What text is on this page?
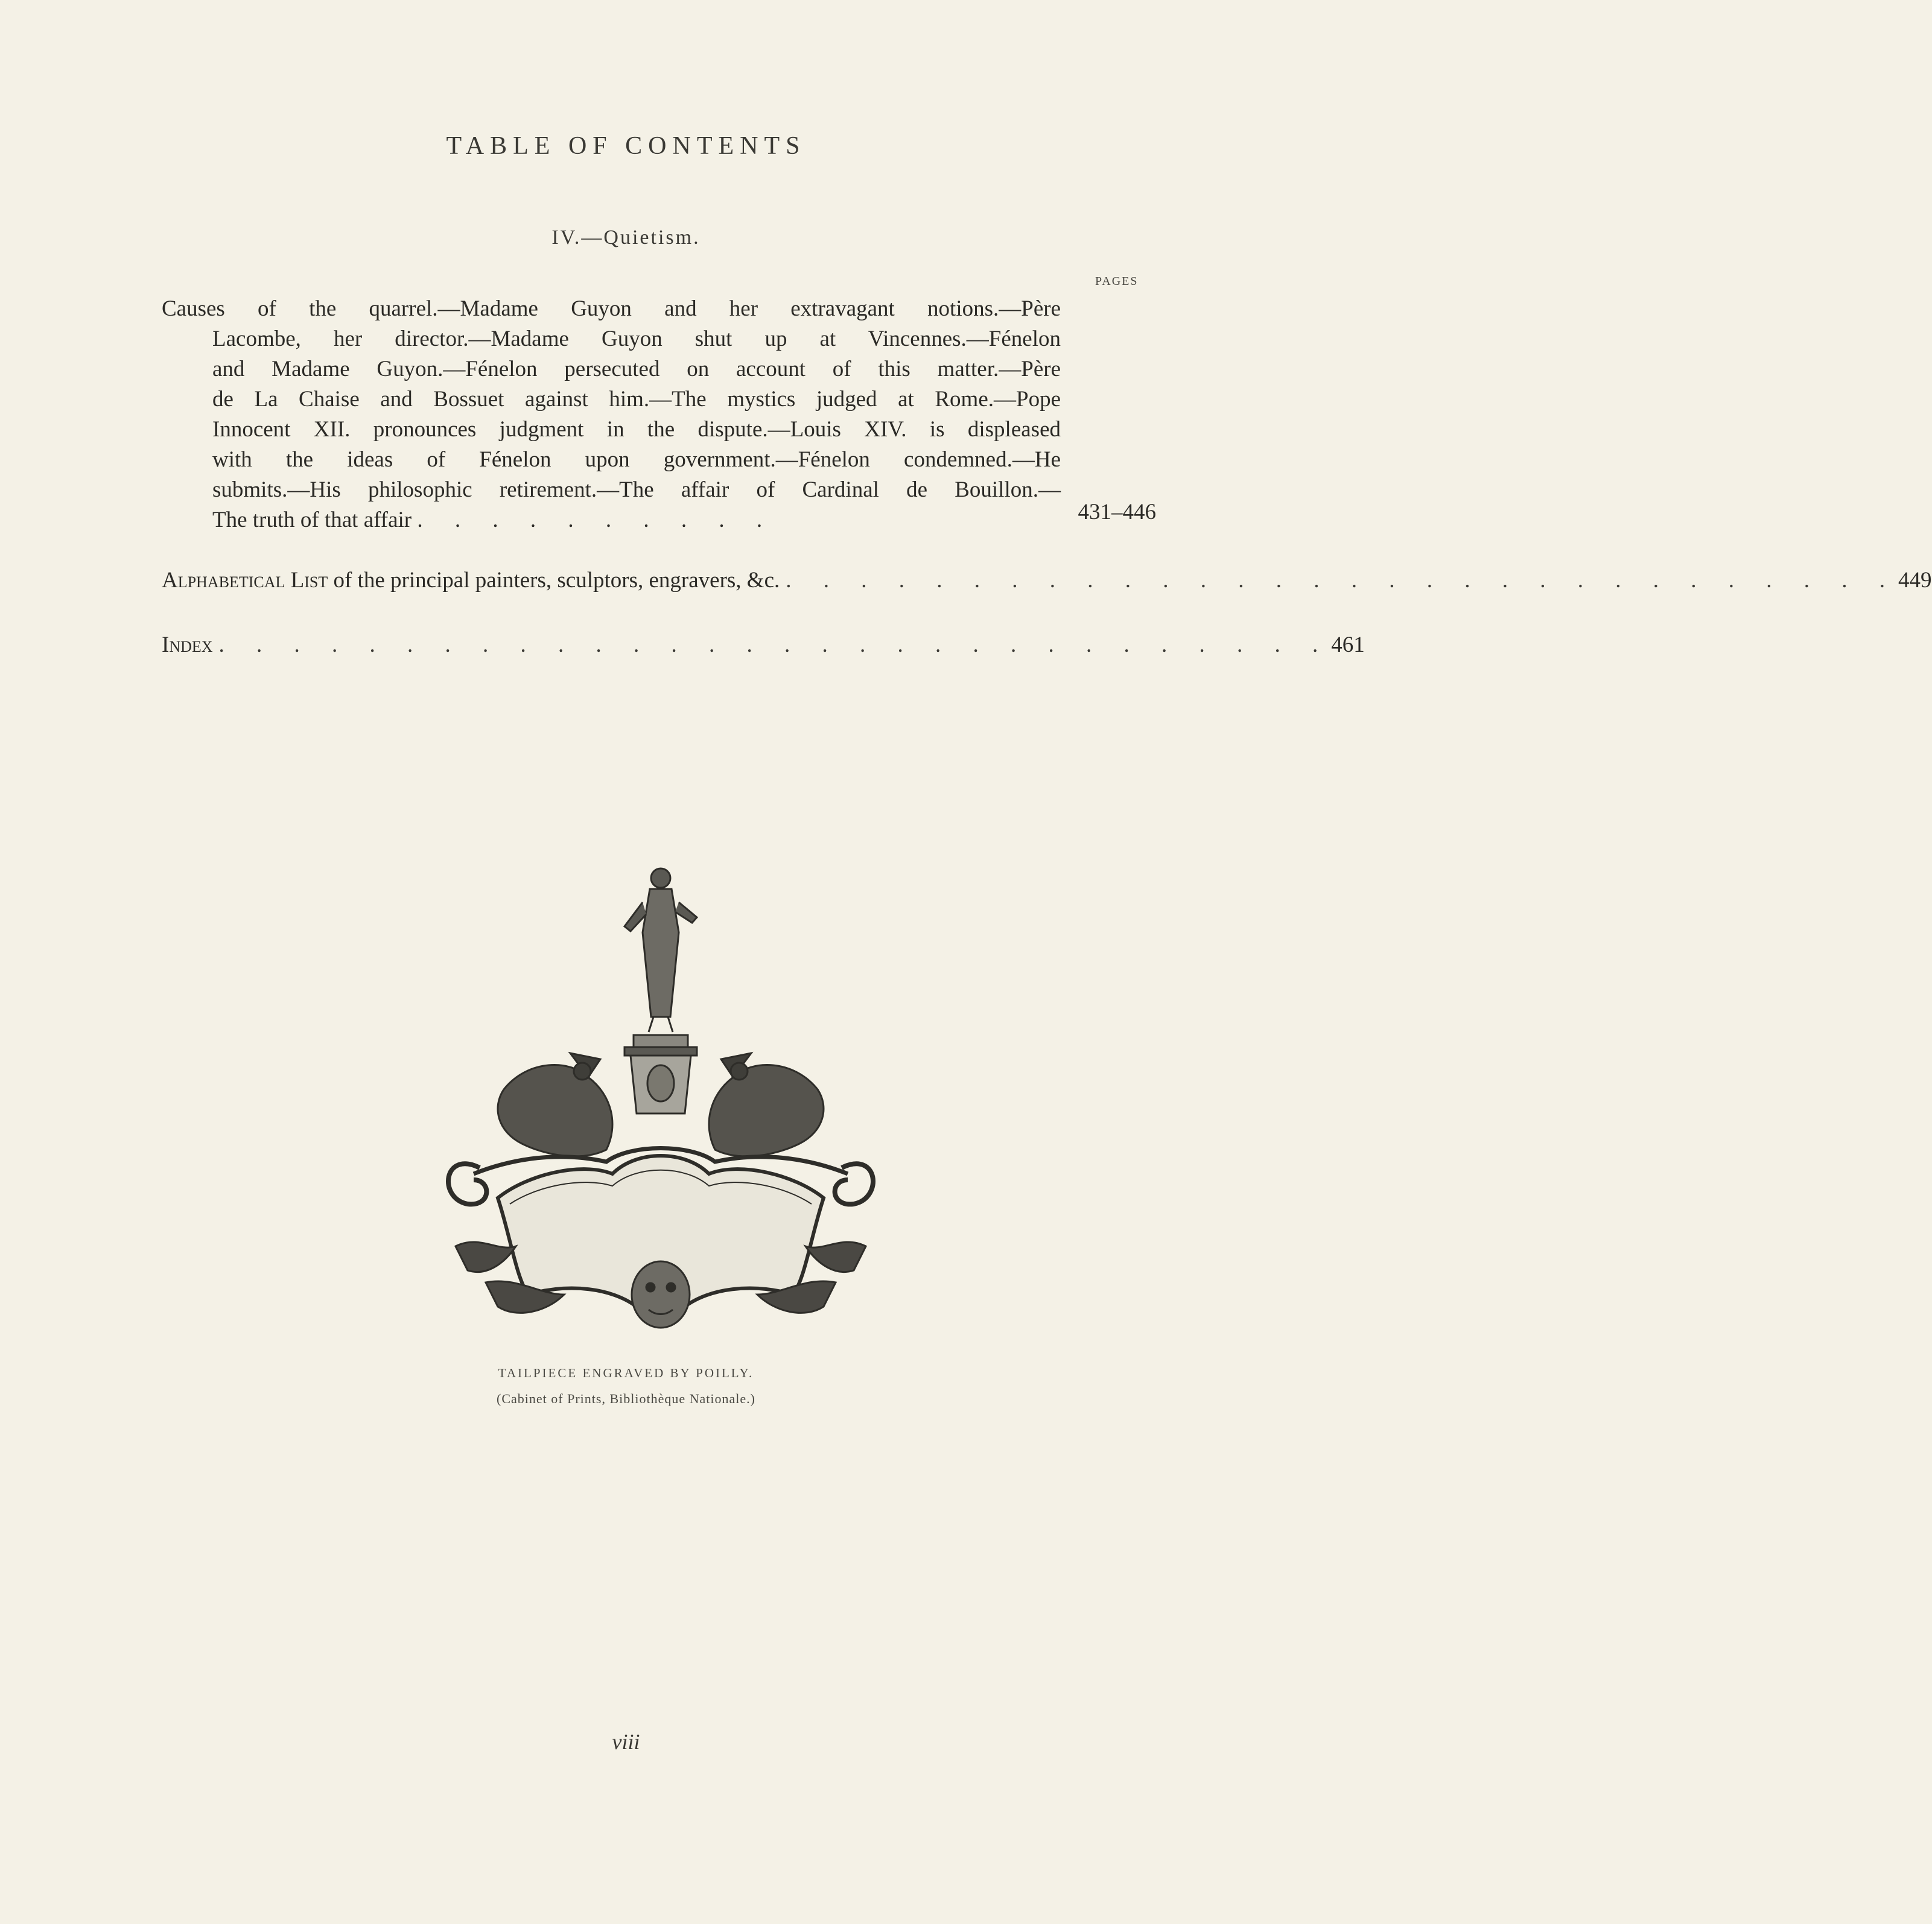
TABLE OF CONTENTS
IV.—Quietism.
PAGES
Causes of the quarrel.—Madame Guyon and her extravagant notions.—Père
Lacombe, her director.—Madame Guyon shut up at Vincennes.—Fénelon
and Madame Guyon.—Fénelon persecuted on account of this matter.—Père
de La Chaise and Bossuet against him.—The mystics judged at Rome.—Pope
Innocent XII. pronounces judgment in the dispute.—Louis XIV. is displeased
with the ideas of Fénelon upon government.—Fénelon condemned.—He
submits.—His philosophic retirement.—The affair of Cardinal de Bouillon.—
The truth of that affair . . . . . . . . . .	431–446
Alphabetical List of the principal painters, sculptors, engravers, &c. . . . . . . . . . . . . . . . . . . . . . . . . . . . . . . 449
Index . . . . . . . . . . . . . . . . . . . . . . . . . . . . . . 461
TAILPIECE ENGRAVED BY POILLY.
(Cabinet of Prints, Bibliothèque Nationale.)
viii
